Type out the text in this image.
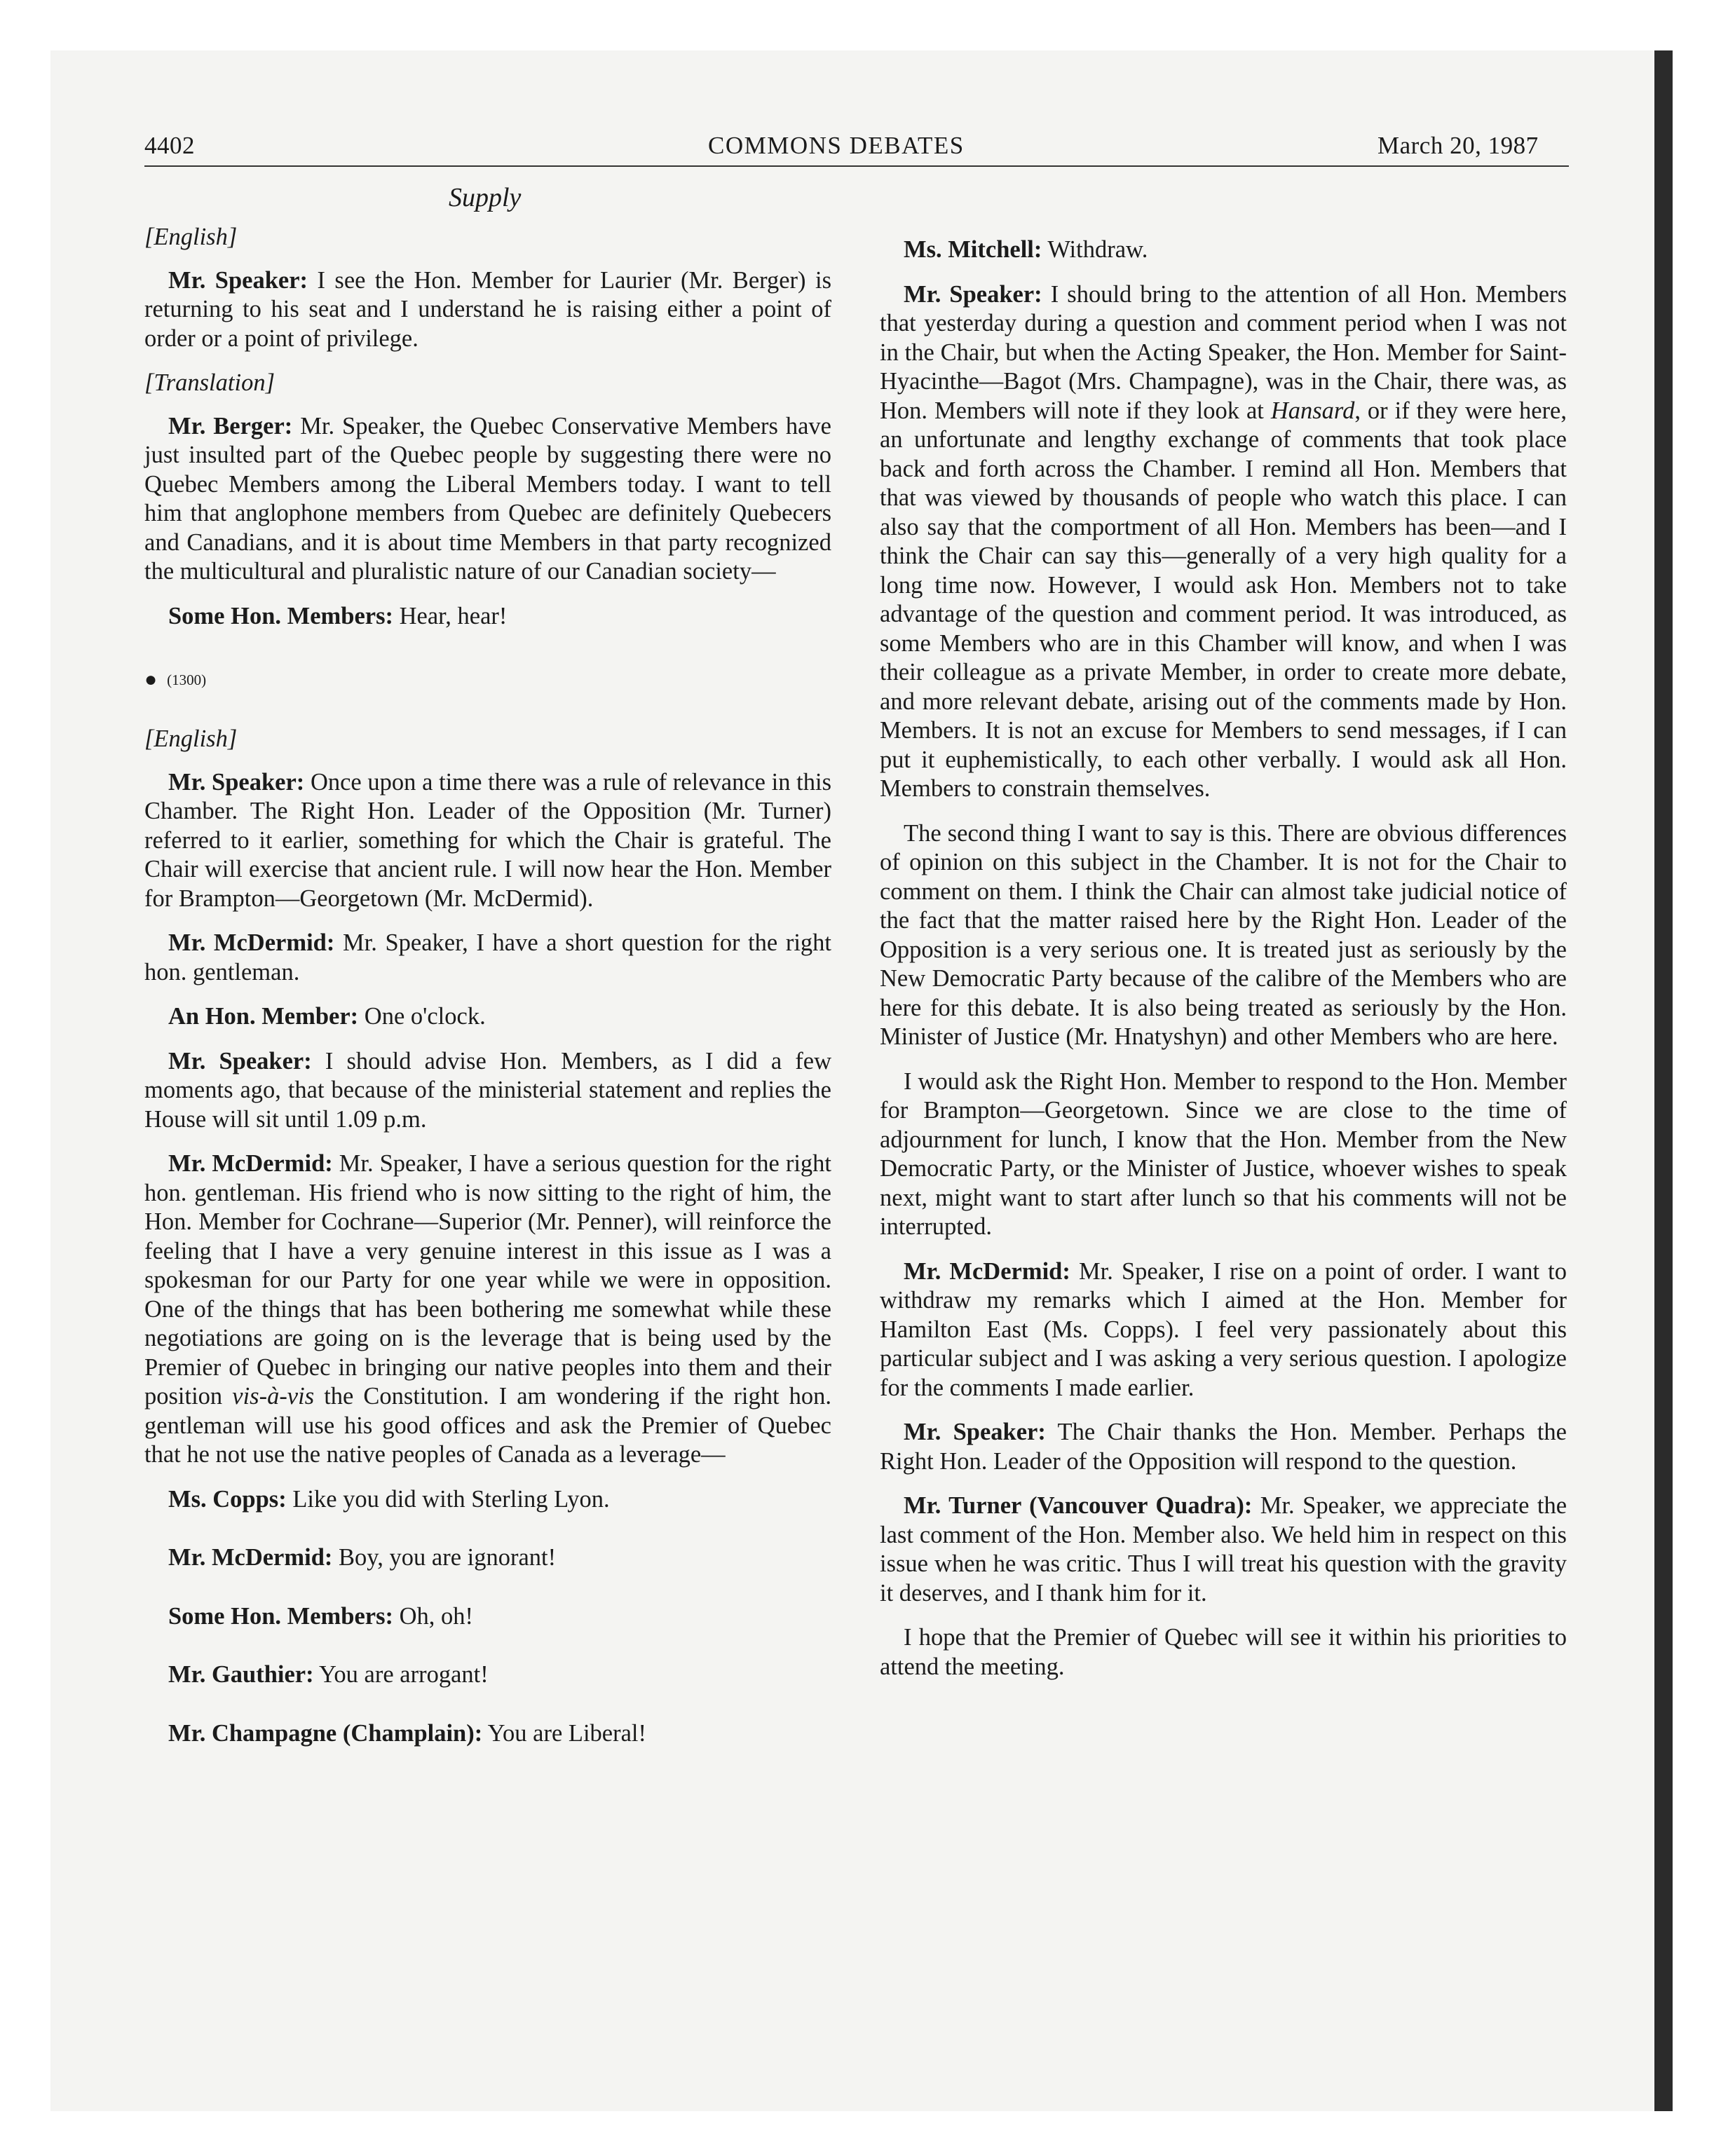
4402	COMMONS DEBATES	March 20, 1987
Supply
[English]

Mr. Speaker: I see the Hon. Member for Laurier (Mr. Berger) is returning to his seat and I understand he is raising either a point of order or a point of privilege.

[Translation]

Mr. Berger: Mr. Speaker, the Quebec Conservative Members have just insulted part of the Quebec people by suggesting there were no Quebec Members among the Liberal Members today. I want to tell him that anglophone members from Quebec are definitely Quebecers and Canadians, and it is about time Members in that party recognized the multicultural and pluralistic nature of our Canadian society—

Some Hon. Members: Hear, hear!

● (1300)
[English]

Mr. Speaker: Once upon a time there was a rule of relevance in this Chamber. The Right Hon. Leader of the Opposition (Mr. Turner) referred to it earlier, something for which the Chair is grateful. The Chair will exercise that ancient rule. I will now hear the Hon. Member for Brampton—Georgetown (Mr. McDermid).

Mr. McDermid: Mr. Speaker, I have a short question for the right hon. gentleman.

An Hon. Member: One o'clock.

Mr. Speaker: I should advise Hon. Members, as I did a few moments ago, that because of the ministerial statement and replies the House will sit until 1.09 p.m.

Mr. McDermid: Mr. Speaker, I have a serious question for the right hon. gentleman. His friend who is now sitting to the right of him, the Hon. Member for Cochrane—Superior (Mr. Penner), will reinforce the feeling that I have a very genuine interest in this issue as I was a spokesman for our Party for one year while we were in opposition. One of the things that has been bothering me somewhat while these negotiations are going on is the leverage that is being used by the Premier of Quebec in bringing our native peoples into them and their position vis-à-vis the Constitution. I am wondering if the right hon. gentleman will use his good offices and ask the Premier of Quebec that he not use the native peoples of Canada as a leverage—

Ms. Copps: Like you did with Sterling Lyon.

Mr. McDermid: Boy, you are ignorant!

Some Hon. Members: Oh, oh!

Mr. Gauthier: You are arrogant!

Mr. Champagne (Champlain): You are Liberal!

Ms. Mitchell: Withdraw.

Mr. Speaker: I should bring to the attention of all Hon. Members that yesterday during a question and comment period when I was not in the Chair, but when the Acting Speaker, the Hon. Member for Saint-Hyacinthe—Bagot (Mrs. Champagne), was in the Chair, there was, as Hon. Members will note if they look at Hansard, or if they were here, an unfortunate and lengthy exchange of comments that took place back and forth across the Chamber. I remind all Hon. Members that that was viewed by thousands of people who watch this place. I can also say that the comportment of all Hon. Members has been—and I think the Chair can say this—generally of a very high quality for a long time now. However, I would ask Hon. Members not to take advantage of the question and comment period. It was introduced, as some Members who are in this Chamber will know, and when I was their colleague as a private Member, in order to create more debate, and more relevant debate, arising out of the comments made by Hon. Members. It is not an excuse for Members to send messages, if I can put it euphemistically, to each other verbally. I would ask all Hon. Members to constrain themselves.

The second thing I want to say is this. There are obvious differences of opinion on this subject in the Chamber. It is not for the Chair to comment on them. I think the Chair can almost take judicial notice of the fact that the matter raised here by the Right Hon. Leader of the Opposition is a very serious one. It is treated just as seriously by the New Democratic Party because of the calibre of the Members who are here for this debate. It is also being treated as seriously by the Hon. Minister of Justice (Mr. Hnatyshyn) and other Members who are here.

I would ask the Right Hon. Member to respond to the Hon. Member for Brampton—Georgetown. Since we are close to the time of adjournment for lunch, I know that the Hon. Member from the New Democratic Party, or the Minister of Justice, whoever wishes to speak next, might want to start after lunch so that his comments will not be interrupted.

Mr. McDermid: Mr. Speaker, I rise on a point of order. I want to withdraw my remarks which I aimed at the Hon. Member for Hamilton East (Ms. Copps). I feel very passionately about this particular subject and I was asking a very serious question. I apologize for the comments I made earlier.

Mr. Speaker: The Chair thanks the Hon. Member. Perhaps the Right Hon. Leader of the Opposition will respond to the question.

Mr. Turner (Vancouver Quadra): Mr. Speaker, we appreciate the last comment of the Hon. Member also. We held him in respect on this issue when he was critic. Thus I will treat his question with the gravity it deserves, and I thank him for it.

I hope that the Premier of Quebec will see it within his priorities to attend the meeting.
